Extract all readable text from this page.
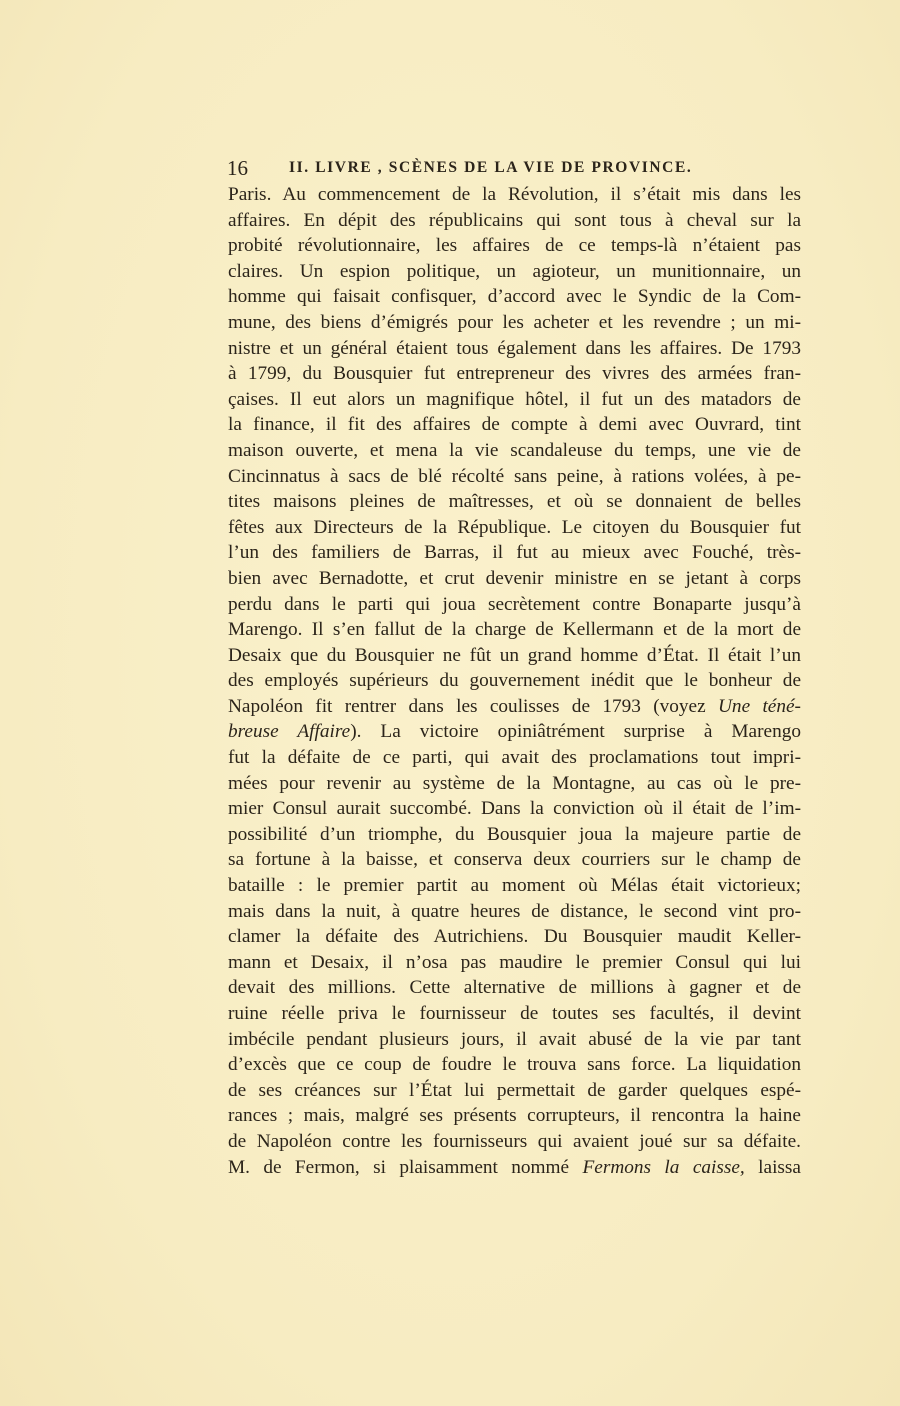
16	II. LIVRE , SCÈNES DE LA VIE DE PROVINCE.
Paris. Au commencement de la Révolution, il s’était mis dans les
affaires. En dépit des républicains qui sont tous à cheval sur la
probité révolutionnaire, les affaires de ce temps-là n’étaient pas
claires. Un espion politique, un agioteur, un munitionnaire, un
homme qui faisait confisquer, d’accord avec le Syndic de la Com-
mune, des biens d’émigrés pour les acheter et les revendre ; un mi-
nistre et un général étaient tous également dans les affaires. De 1793
à 1799, du Bousquier fut entrepreneur des vivres des armées fran-
çaises. Il eut alors un magnifique hôtel, il fut un des matadors de
la finance, il fit des affaires de compte à demi avec Ouvrard, tint
maison ouverte, et mena la vie scandaleuse du temps, une vie de
Cincinnatus à sacs de blé récolté sans peine, à rations volées, à pe-
tites maisons pleines de maîtresses, et où se donnaient de belles
fêtes aux Directeurs de la République. Le citoyen du Bousquier fut
l’un des familiers de Barras, il fut au mieux avec Fouché, très-
bien avec Bernadotte, et crut devenir ministre en se jetant à corps
perdu dans le parti qui joua secrètement contre Bonaparte jusqu’à
Marengo. Il s’en fallut de la charge de Kellermann et de la mort de
Desaix que du Bousquier ne fût un grand homme d’État. Il était l’un
des employés supérieurs du gouvernement inédit que le bonheur de
Napoléon fit rentrer dans les coulisses de 1793 (voyez Une téné-
breuse Affaire). La victoire opiniâtrément surprise à Marengo
fut la défaite de ce parti, qui avait des proclamations tout impri-
mées pour revenir au système de la Montagne, au cas où le pre-
mier Consul aurait succombé. Dans la conviction où il était de l’im-
possibilité d’un triomphe, du Bousquier joua la majeure partie de
sa fortune à la baisse, et conserva deux courriers sur le champ de
bataille : le premier partit au moment où Mélas était victorieux;
mais dans la nuit, à quatre heures de distance, le second vint pro-
clamer la défaite des Autrichiens. Du Bousquier maudit Keller-
mann et Desaix, il n’osa pas maudire le premier Consul qui lui
devait des millions. Cette alternative de millions à gagner et de
ruine réelle priva le fournisseur de toutes ses facultés, il devint
imbécile pendant plusieurs jours, il avait abusé de la vie par tant
d’excès que ce coup de foudre le trouva sans force. La liquidation
de ses créances sur l’État lui permettait de garder quelques espé-
rances ; mais, malgré ses présents corrupteurs, il rencontra la haine
de Napoléon contre les fournisseurs qui avaient joué sur sa défaite.
M. de Fermon, si plaisamment nommé Fermons la caisse, laissa
